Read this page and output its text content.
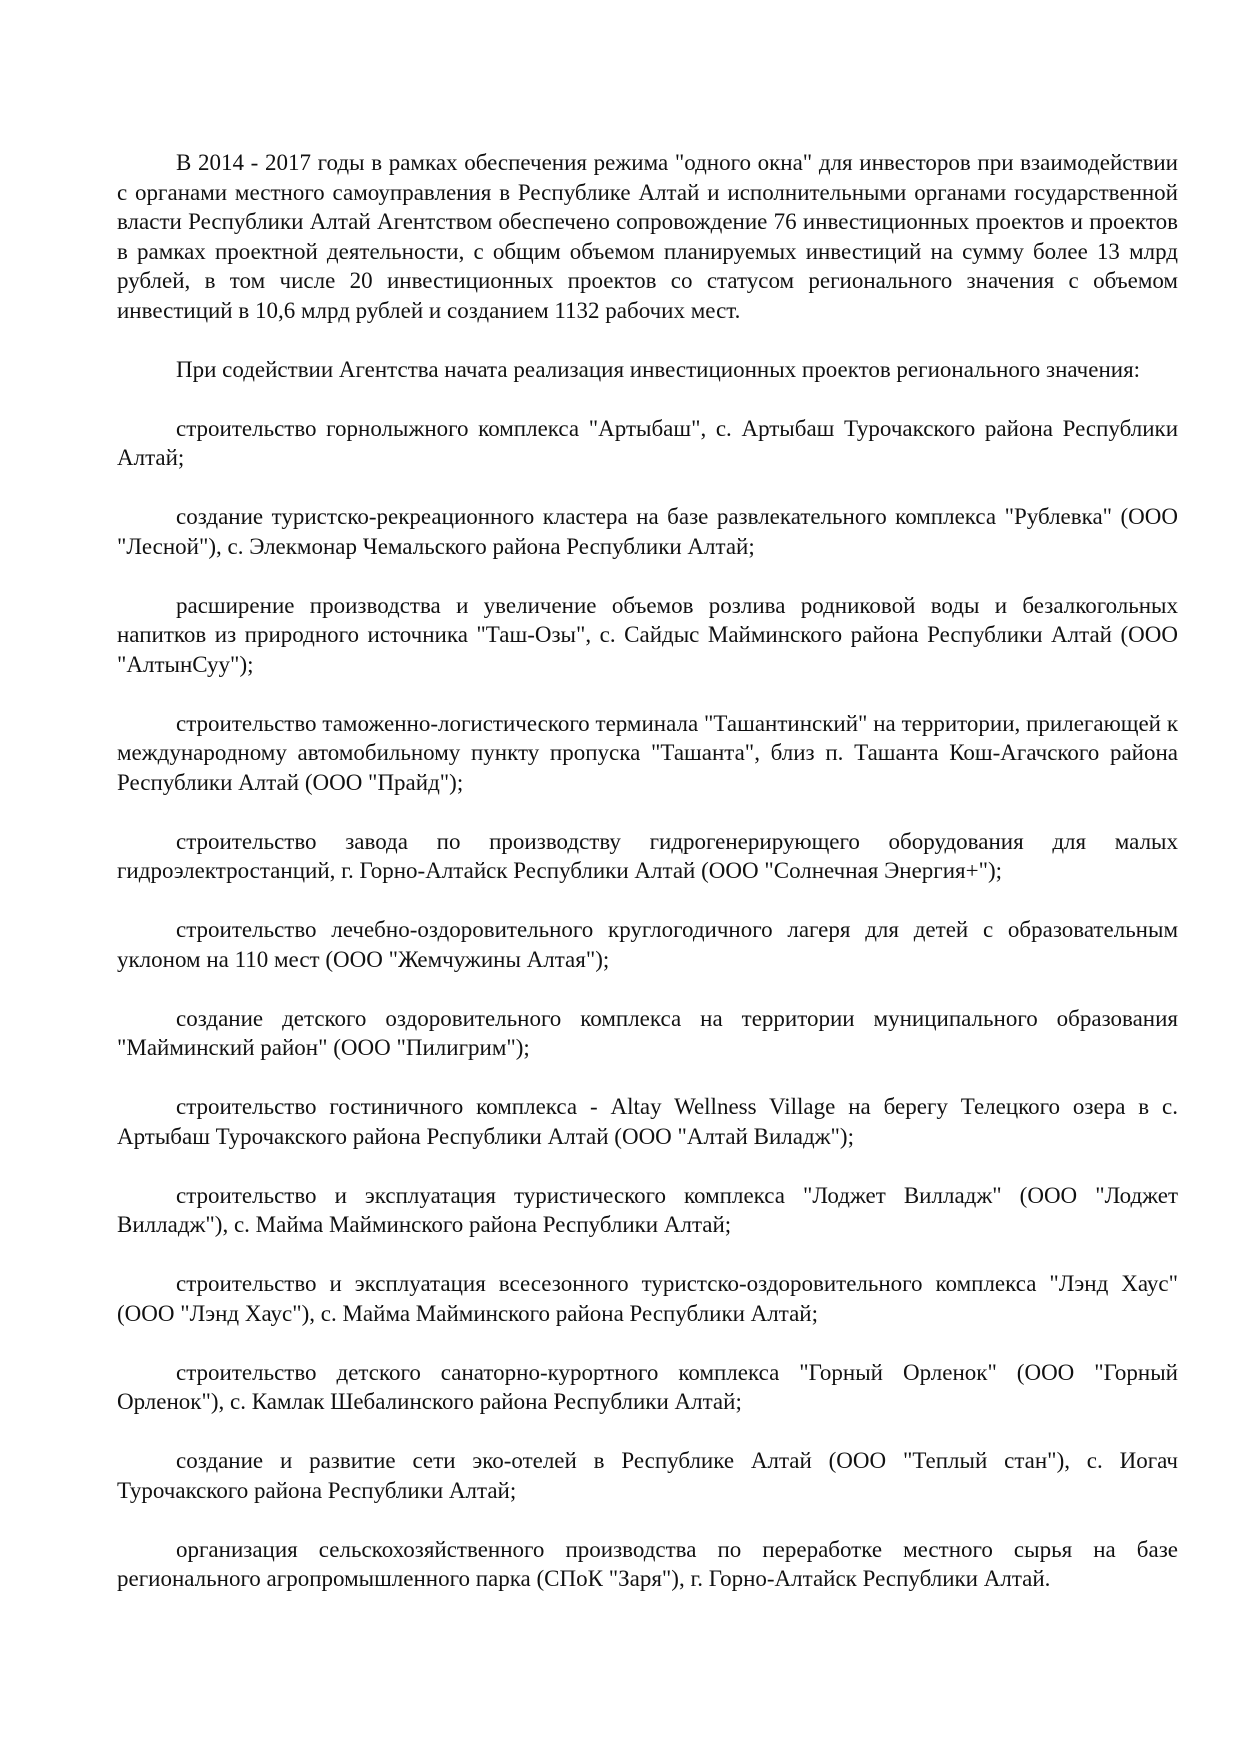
В 2014 - 2017 годы в рамках обеспечения режима "одного окна" для инвесторов при взаимодействии с органами местного самоуправления в Республике Алтай и исполнительными органами государственной власти Республики Алтай Агентством обеспечено сопровождение 76 инвестиционных проектов и проектов в рамках проектной деятельности, с общим объемом планируемых инвестиций на сумму более 13 млрд рублей, в том числе 20 инвестиционных проектов со статусом регионального значения с объемом инвестиций в 10,6 млрд рублей и созданием 1132 рабочих мест.

При содействии Агентства начата реализация инвестиционных проектов регионального значения:

строительство горнолыжного комплекса "Артыбаш", с. Артыбаш Турочакского района Республики Алтай;

создание туристско-рекреационного кластера на базе развлекательного комплекса "Рублевка" (ООО "Лесной"), с. Элекмонар Чемальского района Республики Алтай;

расширение производства и увеличение объемов розлива родниковой воды и безалкогольных напитков из природного источника "Таш-Озы", с. Сайдыс Майминского района Республики Алтай (ООО "АлтынСуу");

строительство таможенно-логистического терминала "Ташантинский" на территории, прилегающей к международному автомобильному пункту пропуска "Ташанта", близ п. Ташанта Кош-Агачского района Республики Алтай (ООО "Прайд");

строительство завода по производству гидрогенерирующего оборудования для малых гидроэлектростанций, г. Горно-Алтайск Республики Алтай (ООО "Солнечная Энергия+");

строительство лечебно-оздоровительного круглогодичного лагеря для детей с образовательным уклоном на 110 мест (ООО "Жемчужины Алтая");

создание детского оздоровительного комплекса на территории муниципального образования "Майминский район" (ООО "Пилигрим");

строительство гостиничного комплекса - Altay Wellness Village на берегу Телецкого озера в с. Артыбаш Турочакского района Республики Алтай (ООО "Алтай Виладж");

строительство и эксплуатация туристического комплекса "Лоджет Вилладж" (ООО "Лоджет Вилладж"), с. Майма Майминского района Республики Алтай;

строительство и эксплуатация всесезонного туристско-оздоровительного комплекса "Лэнд Хаус" (ООО "Лэнд Хаус"), с. Майма Майминского района Республики Алтай;

строительство детского санаторно-курортного комплекса "Горный Орленок" (ООО "Горный Орленок"), с. Камлак Шебалинского района Республики Алтай;

создание и развитие сети эко-отелей в Республике Алтай (ООО "Теплый стан"), с. Иогач Турочакского района Республики Алтай;

организация сельскохозяйственного производства по переработке местного сырья на базе регионального агропромышленного парка (СПоК "Заря"), г. Горно-Алтайск Республики Алтай.
